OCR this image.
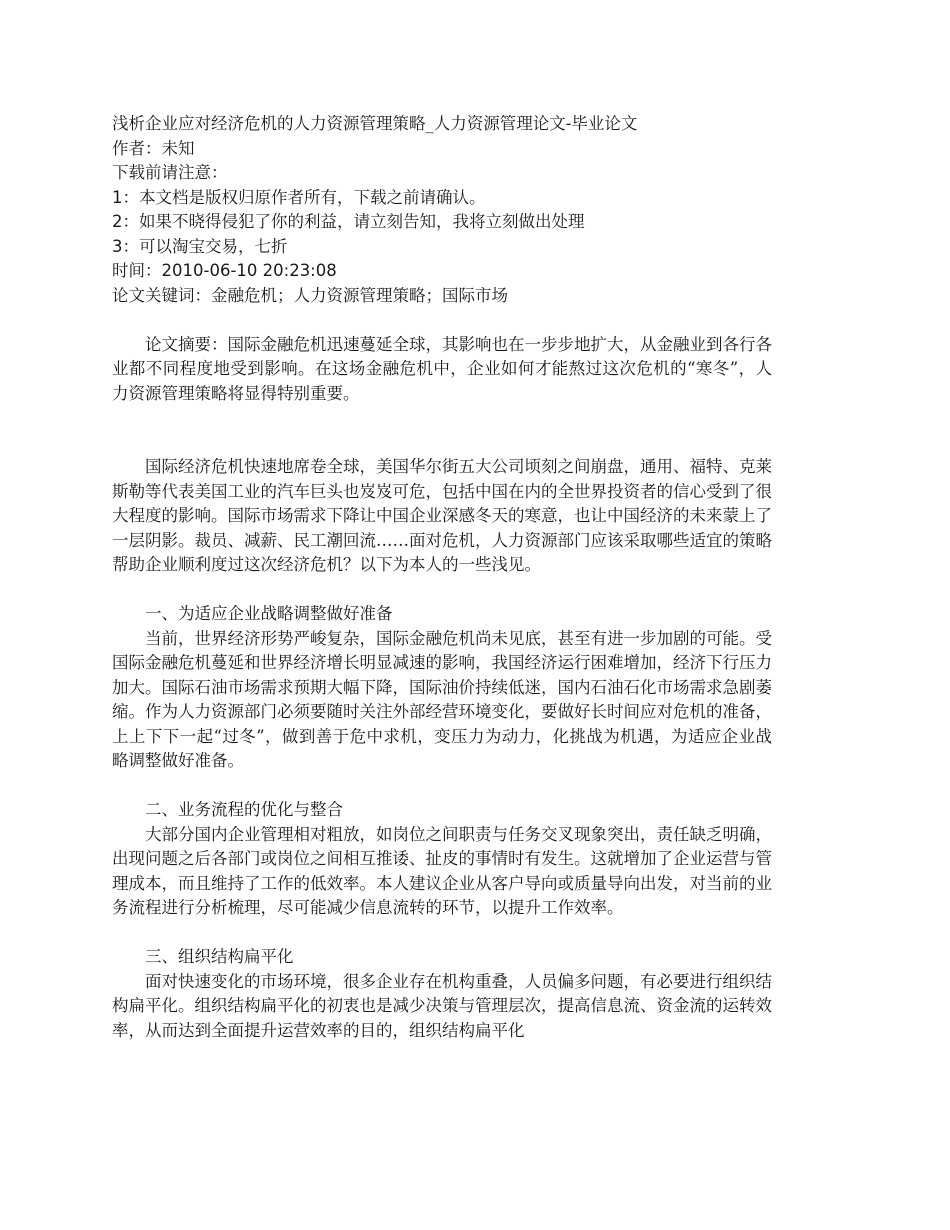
浅析企业应对经济危机的人力资源管理策略_人力资源管理论文-毕业论文
作者：未知
下载前请注意：
1：本文档是版权归原作者所有，下载之前请确认。
2：如果不晓得侵犯了你的利益，请立刻告知，我将立刻做出处理
3：可以淘宝交易，七折
时间：2010-06-10 20:23:08
论文关键词：金融危机；人力资源管理策略；国际市场

论文摘要：国际金融危机迅速蔓延全球，其影响也在一步步地扩大，从金融业到各行各业都不同程度地受到影响。在这场金融危机中，企业如何才能熬过这次危机的“寒冬”，人力资源管理策略将显得特别重要。

国际经济危机快速地席卷全球，美国华尔街五大公司顷刻之间崩盘，通用、福特、克莱斯勒等代表美国工业的汽车巨头也岌岌可危，包括中国在内的全世界投资者的信心受到了很大程度的影响。国际市场需求下降让中国企业深感冬天的寒意，也让中国经济的未来蒙上了一层阴影。裁员、减薪、民工潮回流……面对危机，人力资源部门应该采取哪些适宜的策略帮助企业顺利度过这次经济危机？以下为本人的一些浅见。

一、为适应企业战略调整做好准备

当前，世界经济形势严峻复杂，国际金融危机尚未见底，甚至有进一步加剧的可能。受国际金融危机蔓延和世界经济增长明显减速的影响，我国经济运行困难增加，经济下行压力加大。国际石油市场需求预期大幅下降，国际油价持续低迷，国内石油石化市场需求急剧萎缩。作为人力资源部门必须要随时关注外部经营环境变化，要做好长时间应对危机的准备，上上下下一起“过冬”，做到善于危中求机，变压力为动力，化挑战为机遇，为适应企业战略调整做好准备。

二、业务流程的优化与整合

大部分国内企业管理相对粗放，如岗位之间职责与任务交叉现象突出，责任缺乏明确，出现问题之后各部门或岗位之间相互推诿、扯皮的事情时有发生。这就增加了企业运营与管理成本，而且维持了工作的低效率。本人建议企业从客户导向或质量导向出发，对当前的业务流程进行分析梳理，尽可能减少信息流转的环节，以提升工作效率。

三、组织结构扁平化

面对快速变化的市场环境，很多企业存在机构重叠，人员偏多问题，有必要进行组织结构扁平化。组织结构扁平化的初衷也是减少决策与管理层次，提高信息流、资金流的运转效率，从而达到全面提升运营效率的目的，组织结构扁平化
